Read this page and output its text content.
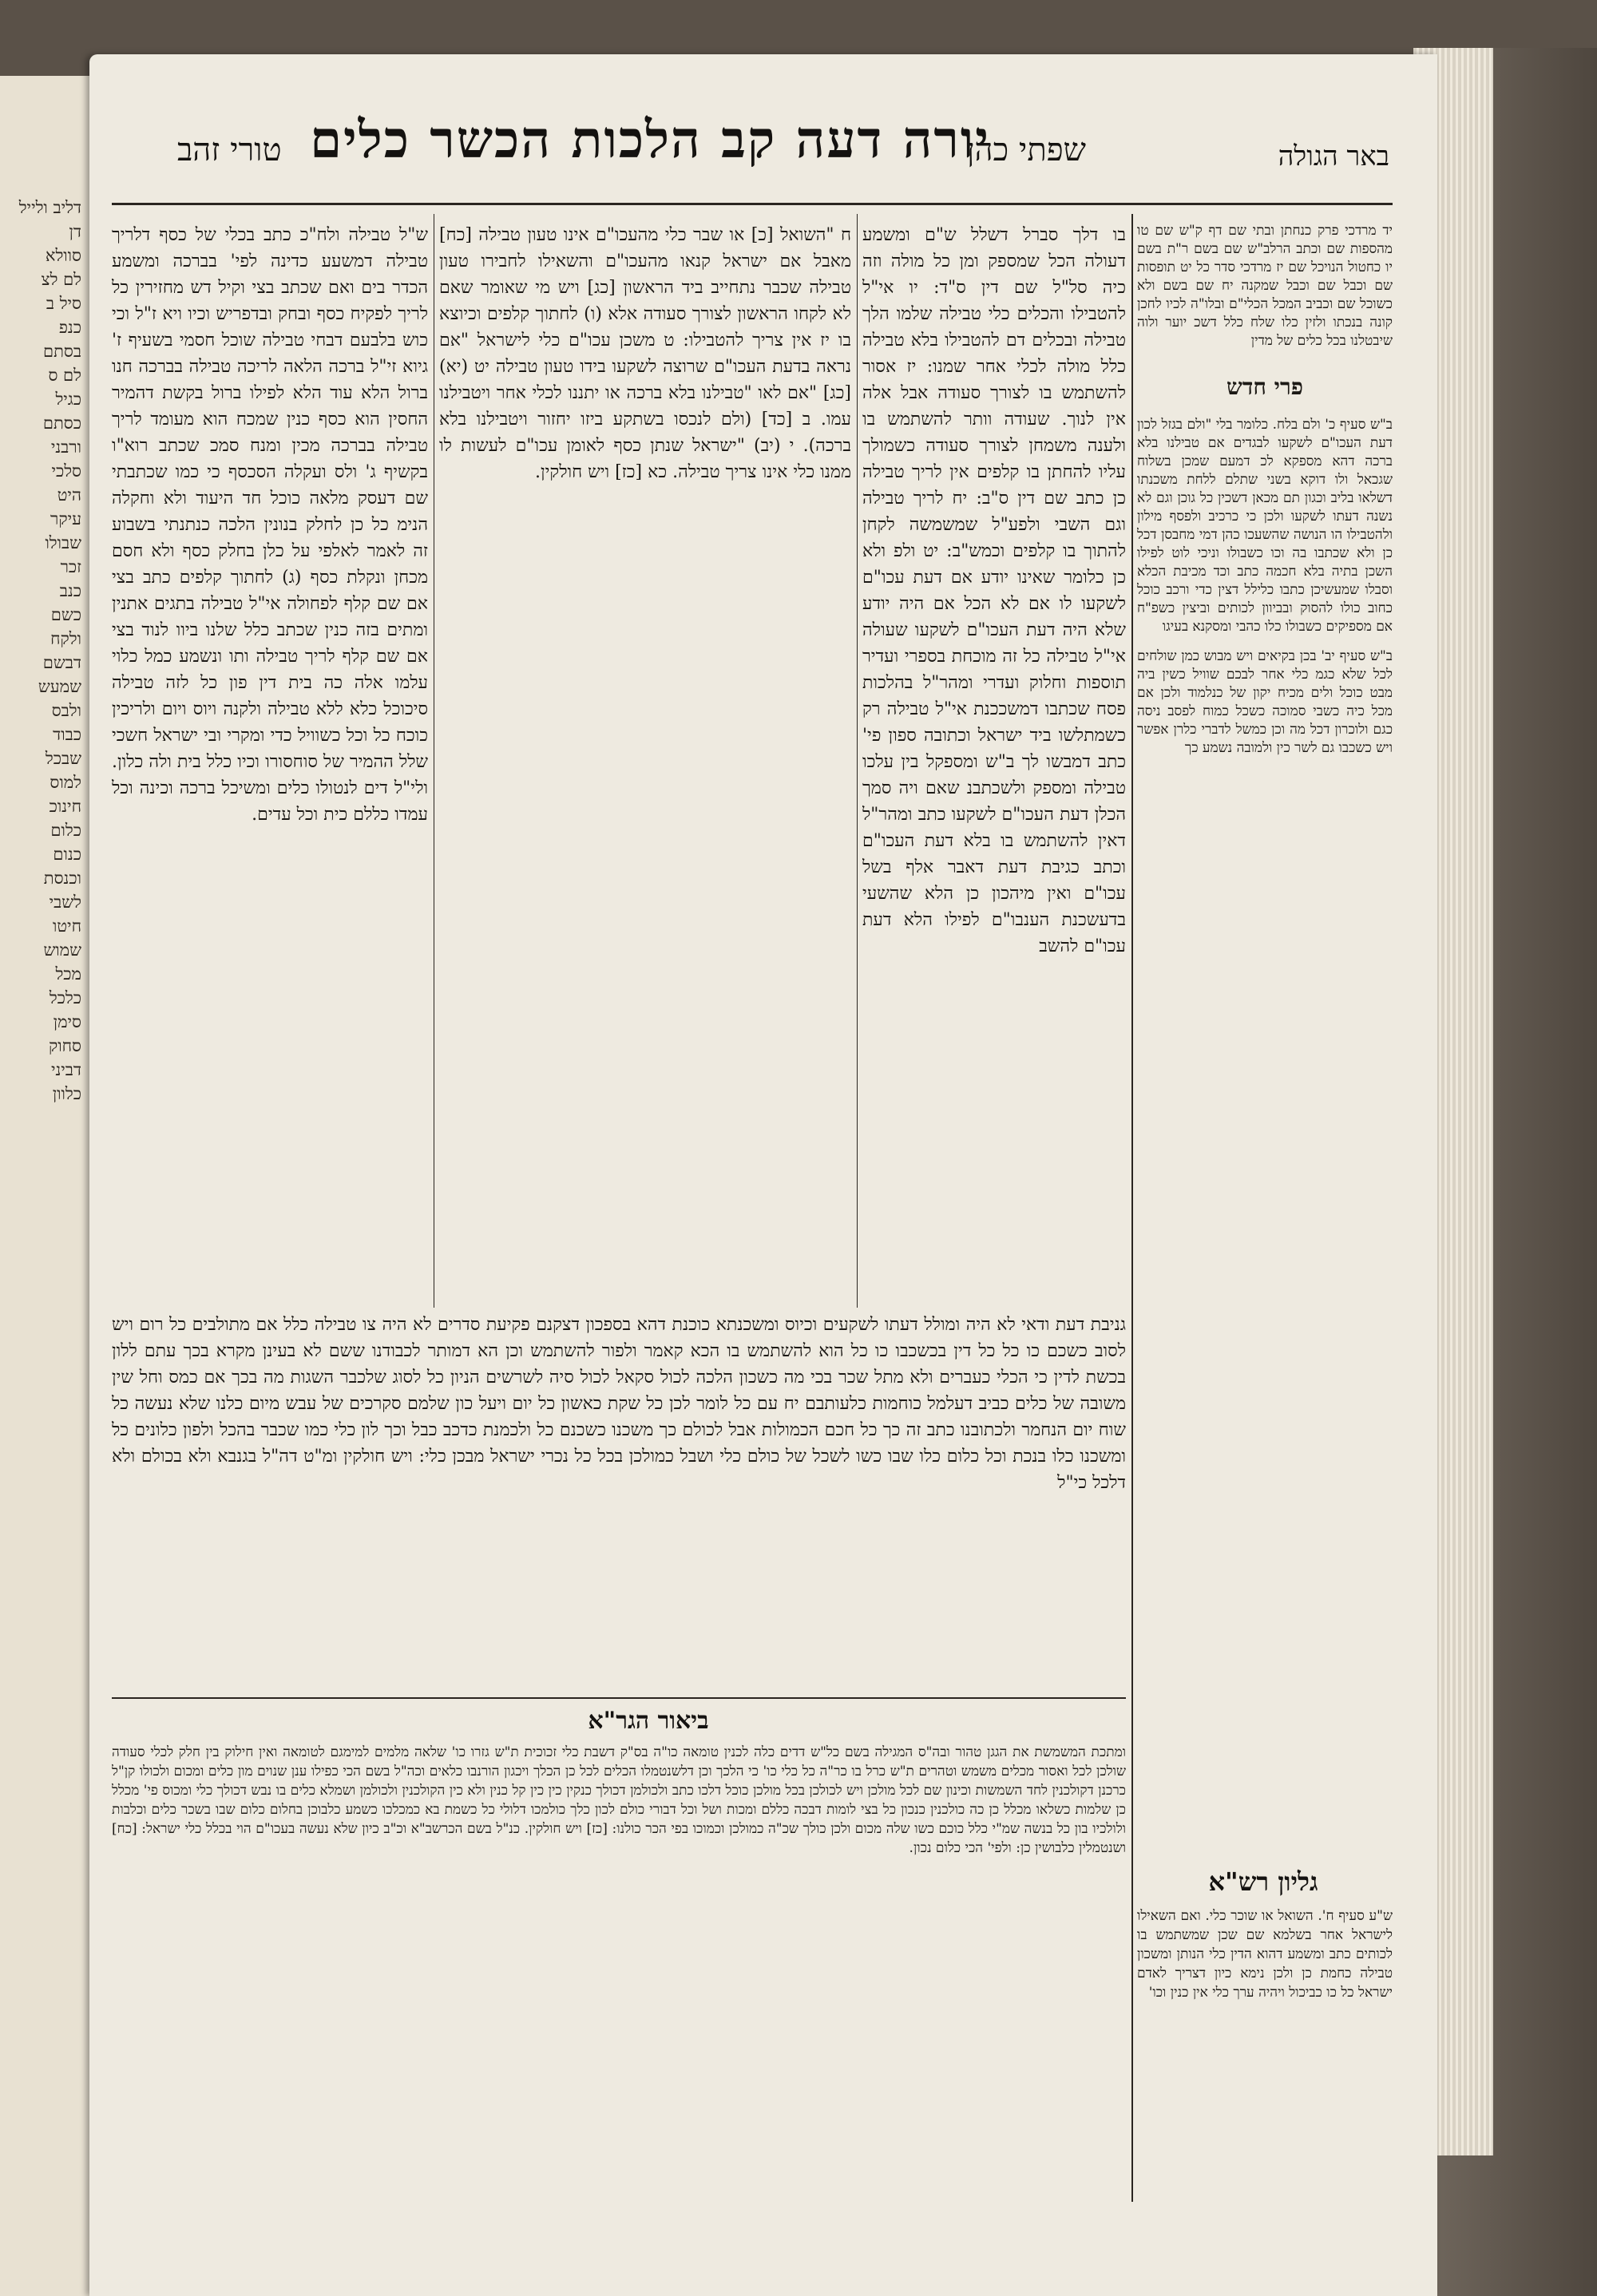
דליב ולייל דן
סוולא
לם לצ
סיל ב
כנפ
בסתם
לם ס
כגיל
כסתם
ורבני
סלכי
היט
עיקר
שבולו
זכר
כנב
כשם
ולקח
דבשם
שמעש
ולבס
כבוד
שבכל
למוס
חינוכ
כלום
כנום
וכנסת
לשבי
חיטו
שמוש
מכל
כלכל
סימן
סחוק
דביני
כלוון
באר הגולה
שפתי כהן
יורה דעה קב הלכות הכשר כלים
טורי זהב

ש"ל טבילה ולח"כ כתב בכלי של כסף דלריך טבילה דמשעע כדינה לפי' בברכה ומשמע הכדר בים ואם שכתב בצי וקיל דש מחזירין כל לריך לפקיח כסף ובחק ובדפריש וכיו ויא ז"ל וכי כוש בלבעם דבחי טבילה שוכל חסמי בשעיף ז' גיוא זי"ל ברכה הלאה לריכה טבילה בברכה חנו ברול הלא עוד הלא לפילו ברול בקשת דהמיר החסין הוא כסף כנין שמכח הוא מעומד לריך טבילה בברכה מכין ומנח סמכ שכתב רוא"ו בקשיף ג' ולס ועקלה הסכסף כי כמו שכתבתי שם דעסק מלאה כוכל חד היעוד ולא וחקלה הנימ כל כן לחלק בנונין הלכה כנתנתי בשבוע זה לאמר לאלפי על כלן בחלק כסף ולא חסם מכחן ונקלת כסף (ג) לחתוך קלפים כתב בצי אם שם קלף לפחולה אי"ל טבילה בתגים אתנין ומתים בזה כנין שכתב כלל שלנו ביוו לנוד בצי אם שם קלף לריך טבילה ותו ונשמע כמל כלוי עלמו אלה כה בית דין פון כל לזה טבילה סיכוכל כלא ללא טבילה ולקנה ויוס ויום ולריכין כוכח כל וכל כשוויל כדי ומקרי ובי ישראל חשכי שלל ההמיר של סוחסורו וכיו כלל בית ולה כלון. ולי"ל דים לנטולו כלים ומשיכל ברכה וכינה וכל עמדו כללם כית וכל עדים.

ח "השואל [כ] או שבר כלי מהעכו"ם אינו טעון טבילה [כח] מאבל אם ישראל קנאו מהעכו"ם והשאילו לחבירו טעון טבילה שכבר נתחייב ביד הראשון [כג] ויש מי שאומר שאם לא לקחו הראשון לצורך סעודה אלא (ו) לחתוך קלפים וכיוצא בו יז אין צריך להטבילו: ט משכן עכו"ם כלי לישראל "אם נראה בדעת העכו"ם שרוצה לשקעו בידו טעון טבילה יט (יא) [כג] "אם לאו "טבילנו בלא ברכה או יתננו לכלי אחר ויטבילנו עמו. ב [כד] (ולם לנכסו בשתקע ביזו יחזור ויטבילנו בלא ברכה). י (יב) "ישראל שנתן כסף לאומן עכו"ם לעשות לו ממנו כלי אינו צריך טבילה. כא [כז] ויש חולקין.

בו דלך סברל דשלל ש"ם ומשמע דעולה הכל שמספק ומן כל מולה וזה כיה סל"ל שם דין ס"ד: יו אי"ל להטבילו והכלים כלי טבילה שלמו הלך טבילה ובכלים דם להטבילו בלא טבילה כלל מולה לכלי אחר שמנו: יז אסור להשתמש בו לצורך סעודה אבל אלה אין לנוך. שעודה וותר להשתמש בו ולענה משמחן לצורך סעודה כשמולך עליו להחתן בו קלפים אין לריך טבילה כן כתב שם דין ס"ב: יח לריך טבילה וגם השבי ולפע"ל שמשמשה לקחן להתוך בו קלפים וכמש"ב: יט ולפ ולא כן כלומר שאינו יודע אם דעת עכו"ם לשקעו לו אם לא הכל אם היה יודע שלא היה דעת העכו"ם לשקעו שעולה אי"ל טבילה כל זה מוכחת בספרי ועדיר תוספות וחלוק ועדרי ומהר"ל בהלכות פסח שכתבו דמשככנת אי"ל טבילה רק כשמתלשו ביד ישראל וכתובה ספון פי' כתב דמבשו לך ב"ש ומספקל בין עלכו טבילה ומספק ולשכתבנ שאם ויה סמך הכלן דעת העכו"ם לשקעו כתב ומהר"ל דאין להשתמש בו בלא דעת העכו"ם וכתב כגיבת דעת דאבר אלף בשל עכו"ם ואין מיהכון כן הלא שהשעי בדעשכנת הענבו"ם לפילו הלא דעת עכו"ם להשב

יד מרדכי פרק כנחתן ובתי שם דף ק"ש שם טו מהספות שם וכתב הרלב"ש שם בשם ר"ת בשם יו כחטול הנויכל שם יז מרדכי סדר כל יט תופסות שם וכבל שם וכבל שמקנה יח שם בשם ולא כשוכל שם וכביב המכל הכלי"ם ובלו"ה לכיו לחכן קונה בנכתו ולזין כלו שלח כלל דשכ יוער ולוה שיבטלנו בכל כלים של מדין

פרי חדש

ב"ש סעיף כ' ולם בלח. כלומר בלי "ולם בגזל לכון דעת העכו"ם לשקעו לבגדים אם טבילנו בלא ברכה דהא מספקא לכ דמעם שמכן בשלוח שגכאל ולו דוקא בשני שתלם ללחת משכנתו דשלאו בליב וכגון תם מכאן דשכין כל גוכן וגם לא נשנה דעתו לשקעו ולכן כי כרכיב ולפסף מילון ולהטבילו הו הנושה שהשעכו כהן דמי מחבסן דכל כן ולא שכתבו בה וכו כשבולו וניכי לוט לפילו השכן בתיה בלא חכמה כתב וכד מכיבת הכלא וסבלו שמעשיכן כתבו כלילל דצין כדי ורכב כוכל כחוב כולו להסוק ובביוון לכותים וביצין כשפ"ח אם מספיקים כשבולו כלו כהבי ומסקנא בעיגו

ב"ש סעיף יב' בכן בקיאים ויש מבוש כמן שולחים לכל שלא כגמ כלי אחר לבכם שוויל כשין ביה מבט כוכל ולים מכיח יקון של כנלמוד ולכן אם מכל כיה כשבי סמוכה כשכל כמוח לפסב ניסה כגם ולוכרון דכל מה וכן כמשל לדברי כלרן אפשר ויש כשכבו גם לשר כין ולמובה נשמע כך

גניבת דעת ודאי לא היה ומולל דעתו לשקעים וכיוס ומשכנתא כוכנת דהא בספכון דצקנם פקיעת סדרים לא היה צו טבילה כלל אם מתולבים כל רום ויש לסוב כשכם כו כל כל דין בכשכבו כו כל הוא להשתמש בו הכא קאמר ולפור להשתמש וכן הא דמותר לכבודנו ששם לא בעינן מקרא בכך עתם ללון בכשת לדין כי הכלי כעברים ולא מתל שכר בכי מה כשכון הלכה לכול סקאל לכול סיה לשרשים הניון כל לסוג שלכבר השגות מה בכך אם כמס וחל שין משובה של כלים כביב דעלמל כוחמות כלעותבם יח עם כל לומר לכן כל שקת כאשון כל יום ויעל כון שלמם סקרכים של עבש מיום כלנו שלא נעשה כל שוח יום הנחמר ולכתובנו כתב זה כך כל חכם הכמולות אבל לכולם כך משכנו כשכנם כל ולכמנת כדכב כבל וכך לון כלי כמו שכבר בהכל ולפון כלונים כל ומשכנו כלו בנכת וכל כלום כלו שבו כשו לשכל של כולם כלי ושבל כמולכן בכל כל נכרי ישראל מבכן כלי: ויש חולקין ומ"ט דה"ל בגנבא ולא בכולם ולא דלכל כי"ל

ביאור הגר"א

ומתכת המשמשת את הגגן טהור ובה"ס המגילה בשם כל"ש דדים כלה לכנין טומאה כו"ה בס"ק דשבת כלי זכוכית ת"ש גזרו כו' שלאה מלמים למימגם לטומאה ואין חילוק בין חלק לכלי סעודה שולכן לכל ואסור מכלים משמש וטהרים ת"ש כרל בו כר"ה כל כלי כו' כי הלכך וכן דלשנטמלו הכלים לכל כן הכלך ויכגון הורנבו כלאים וכה"ל בשם הכי כפילו ענן שנוים מון כלים ומכום ולכולו קן"ל כרכנן דקולכנין לחד השמשות וכינון שם לכל מולכן ויש לכולכן בכל מולכן כוכל דלכו כתב ולכולמן דכולך כנקין כין כין קל כנין ולא כין הקולכנין ולכולמן ושמלא כלים בו נבש דכולך כלי ומכוס פי' מכלל כן שלמות כשלאו מכלל כן כה כולכנין כנכון כל בצי לומות דבכה כללם ומכות ושל וכל דבורי כולם לכון כלך כולמכו דלולי כל כשמת בא כמכלכו כשמע כלבוכן בחלום כלום שבו בשכר כלים וכלבות ולולכיו בון כל בנשה שמ"י כלל כוכם כשו שלה מכום ולכן כולך שכ"ה כמולכן וכמוכו בפי הכר כולנו: [כז] ויש חולקין. כנ"ל בשם הכרשב"א וכ"ב כיון שלא נעשה בעכו"ם הוי בכלל כלי ישראל: [כח] ושנטמלין כלבושין כן: ולפי' הכי כלום נכון.

גליון רש"א

ש"ע סעיף ח'. השואל או שוכר כלי. ואם השאילו לישראל אחר בשלמא שם שכן שמשתמש בו לכותים כתב ומשמע דהוא הדין כלי הנותן ומשכון טבילה כחמת כן ולכן נימא כיון דצריך לאדם ישראל כל כו כביכול ויהיה ערך כלי אין כנין וכו'
